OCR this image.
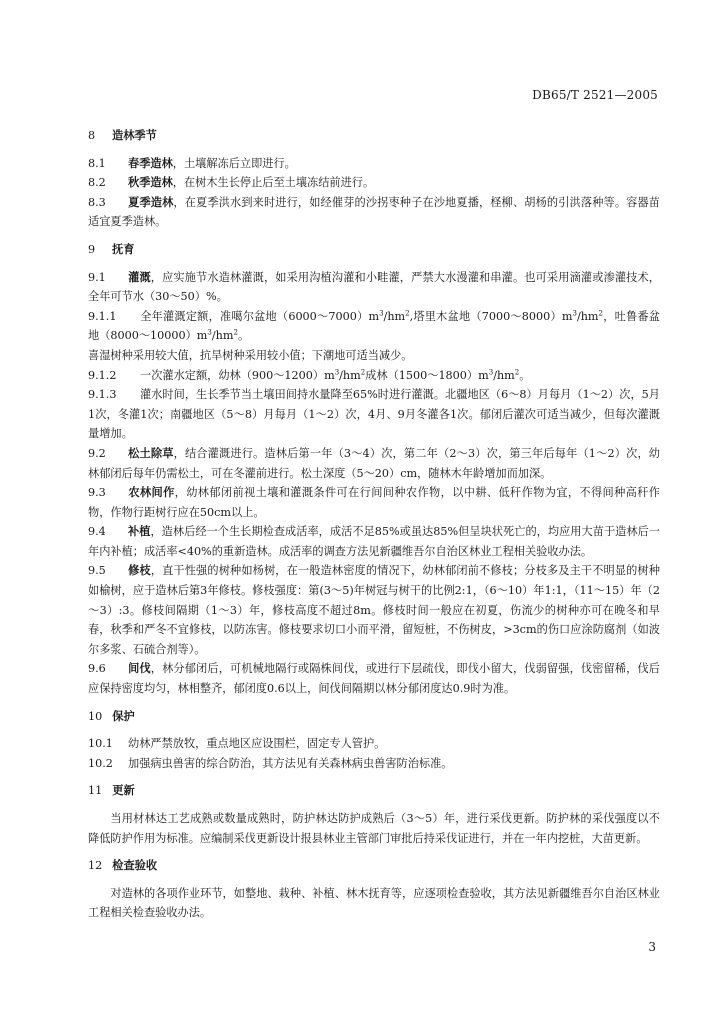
DB65/T 2521—2005

8 造林季节

8.1 春季造林，土壤解冻后立即进行。

8.2 秋季造林，在树木生长停止后至土壤冻结前进行。

8.3 夏季造林，在夏季洪水到来时进行，如经催芽的沙拐枣种子在沙地夏播，柽柳、胡杨的引洪落种等。容器苗适宜夏季造林。

9 抚育

9.1 灌溉，应实施节水造林灌溉，如采用沟植沟灌和小畦灌，严禁大水漫灌和串灌。也可采用滴灌或渗灌技术，全年可节水（30～50）%。

9.1.1 全年灌溉定额，准噶尔盆地$(6000\sim 7000)m^3/hm^2$,塔里木盆地$(7000\sim 8000)m^3/hm^2$，吐鲁番盆地$(8000\sim 10000)m^3/hm^2$。

喜湿树种采用较大值，抗旱树种采用较小值；下潮地可适当减少。

9.1.2 一次灌水定额，幼林$(900\sim 1200)m^3/hm^2$成林$(1500\sim 1800)m^3/hm^2$。

9.1.3 灌水时间，生长季节当土壤田间持水量降至65%时进行灌溉。北疆地区（6～8）月每月（1～2）次，5月1次，冬灌1次；南疆地区（5～8）月每月（1～2）次，4月、9月冬灌各1次。郁闭后灌次可适当减少，但每次灌溉量增加。

9.2 松土除草，结合灌溉进行。造林后第一年（3～4）次，第二年（2～3）次，第三年后每年（1～2）次，幼林郁闭后每年仍需松土，可在冬灌前进行。松土深度（5～20）cm，随林木年龄增加而加深。

9.3 农林间作，幼林郁闭前视土壤和灌溉条件可在行间间种农作物，以中耕、低秆作物为宜，不得间种高秆作物，作物行距树行应在50cm以上。

9.4 补植，造林后经一个生长期检查成活率，成活不足85%或虽达85%但呈块状死亡的，均应用大苗于造林后一年内补植；成活率<40%的重新造林。成活率的调查方法见新疆维吾尔自治区林业工程相关验收办法。

9.5 修枝，直干性强的树种如杨树，在一般造林密度的情况下，幼林郁闭前不修枝；分枝多及主干不明显的树种如榆树，应于造林后第3年修枝。修枝强度：第(3～5)年树冠与树干的比例2:1，（6～10）年1:1，（11～15）年（2～3）:3。修枝间隔期（1～3）年，修枝高度不超过8m。修枝时间一般应在初夏，伤流少的树种亦可在晚冬和早春，秋季和严冬不宜修枝，以防冻害。修枝要求切口小而平滑，留短桩，不伤树皮，>3cm的伤口应涂防腐剂（如波尔多浆、石硫合剂等）。

9.6 间伐，林分郁闭后，可机械地隔行或隔株间伐，或进行下层疏伐，即伐小留大，伐弱留强，伐密留稀，伐后应保持密度均匀，林相整齐，郁闭度0.6以上，间伐间隔期以林分郁闭度达0.9时为准。

10 保护

10.1 幼林严禁放牧，重点地区应设围栏，固定专人管护。

10.2 加强病虫兽害的综合防治，其方法见有关森林病虫兽害防治标准。

11 更新

当用材林达工艺成熟或数量成熟时，防护林达防护成熟后（3～5）年，进行采伐更新。防护林的采伐强度以不降低防护作用为标准。应编制采伐更新设计报县林业主管部门审批后持采伐证进行，并在一年内挖桩，大苗更新。

12 检查验收

对造林的各项作业环节，如整地、栽种、补植、林木抚育等，应逐项检查验收，其方法见新疆维吾尔自治区林业工程相关检查验收办法。

3
